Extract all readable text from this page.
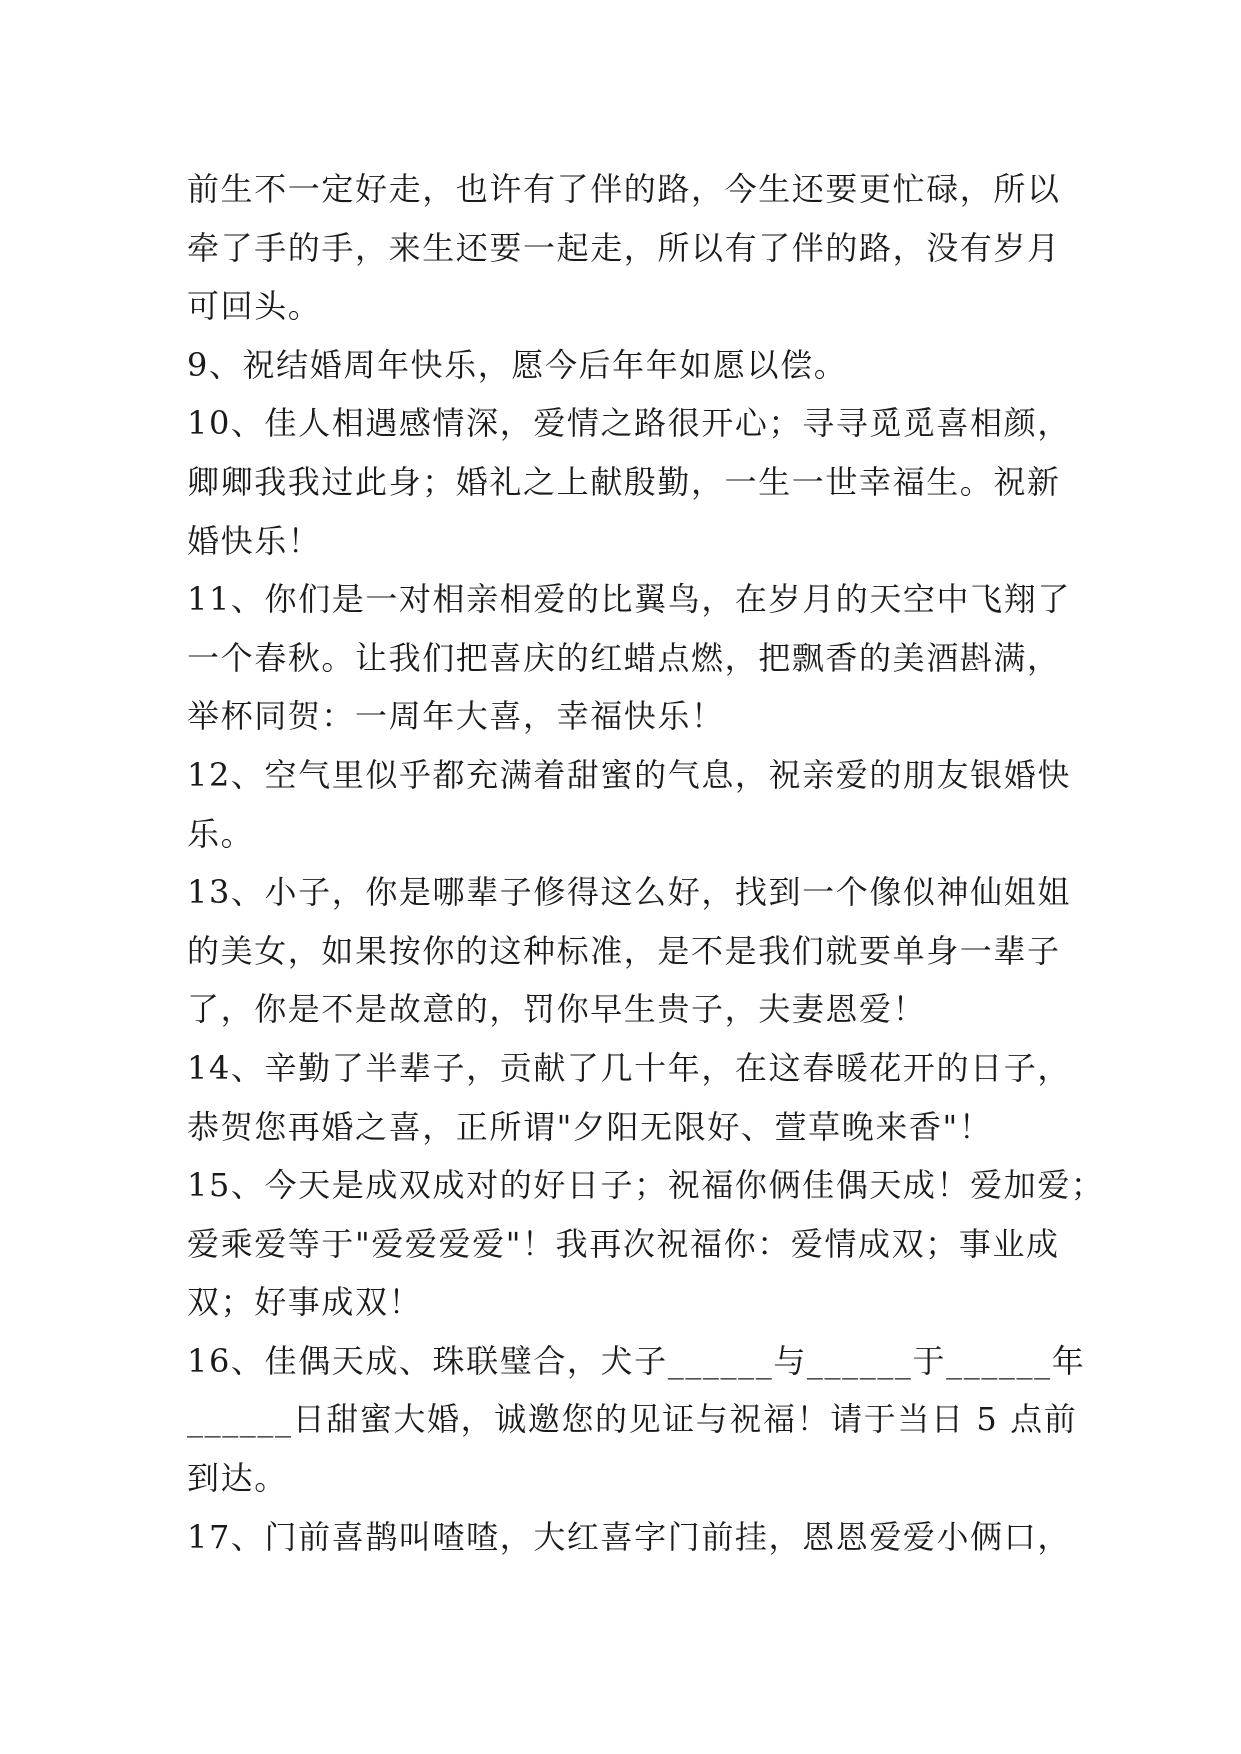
前生不一定好走，也许有了伴的路，今生还要更忙碌，所以
牵了手的手，来生还要一起走，所以有了伴的路，没有岁月
可回头。
9、祝结婚周年快乐，愿今后年年如愿以偿。
10、佳人相遇感情深，爱情之路很开心；寻寻觅觅喜相颜，
卿卿我我过此身；婚礼之上献殷勤，一生一世幸福生。祝新
婚快乐！
11、你们是一对相亲相爱的比翼鸟，在岁月的天空中飞翔了
一个春秋。让我们把喜庆的红蜡点燃，把飘香的美酒斟满，
举杯同贺：一周年大喜，幸福快乐！
12、空气里似乎都充满着甜蜜的气息，祝亲爱的朋友银婚快
乐。
13、小子，你是哪辈子修得这么好，找到一个像似神仙姐姐
的美女，如果按你的这种标准，是不是我们就要单身一辈子
了，你是不是故意的，罚你早生贵子，夫妻恩爱！
14、辛勤了半辈子，贡献了几十年，在这春暖花开的日子，
恭贺您再婚之喜，正所谓"夕阳无限好、萱草晚来香"！
15、今天是成双成对的好日子；祝福你俩佳偶天成！爱加爱；
爱乘爱等于"爱爱爱爱"！我再次祝福你：爱情成双；事业成
双；好事成双！
16、佳偶天成、珠联璧合，犬子______与______于______年
______日甜蜜大婚，诚邀您的见证与祝福！请于当日 5 点前
到达。
17、门前喜鹊叫喳喳，大红喜字门前挂，恩恩爱爱小俩口，
